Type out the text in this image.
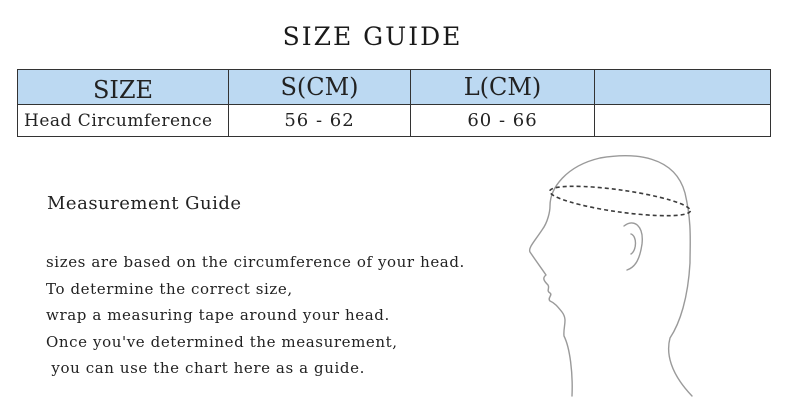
SIZE GUIDE
SIZE	S(CM)	L(CM)	
Head Circumference	56 - 62	60 - 66	
Measurement Guide
sizes are based on the circumference of your head.
To determine the correct size,
wrap a measuring tape around your head.
Once you've determined the measurement,
you can use the chart here as a guide.
